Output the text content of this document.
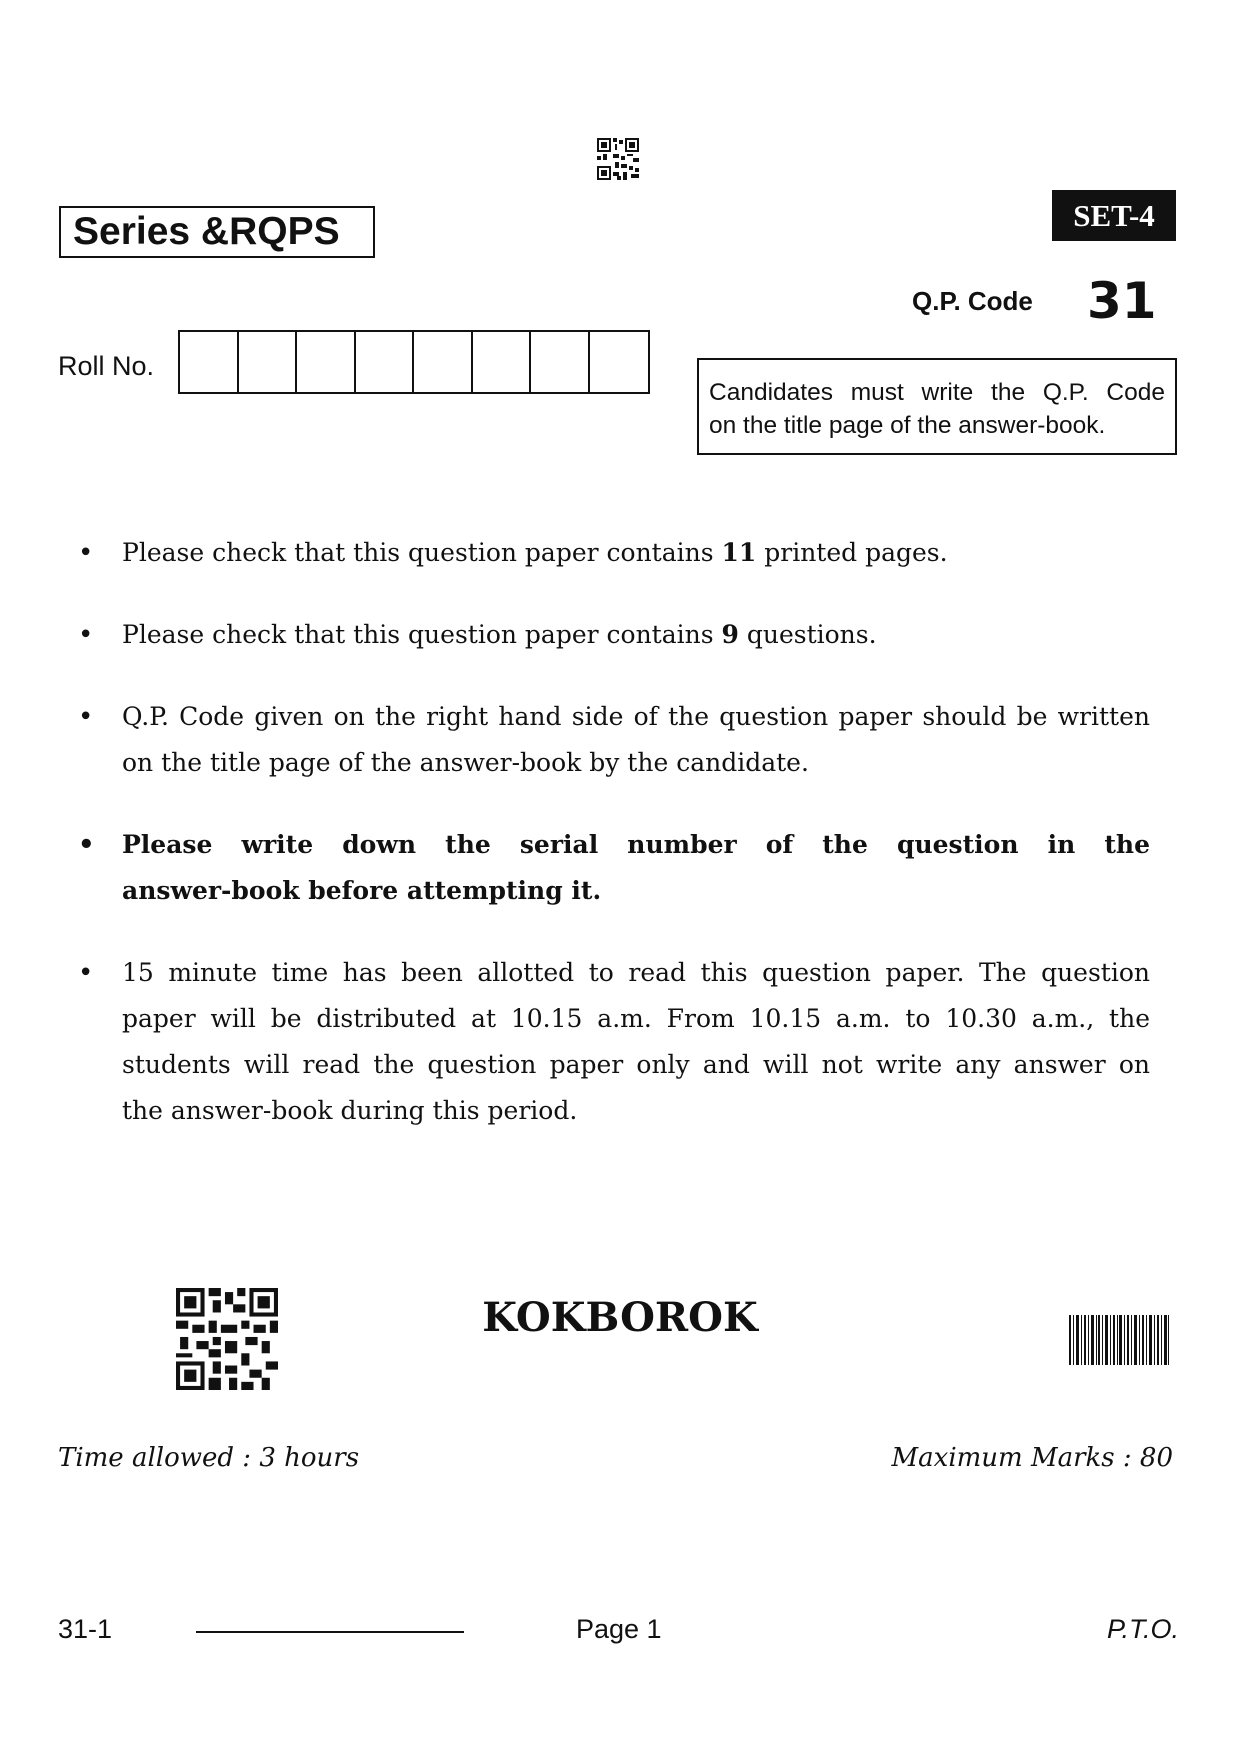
Series &RQPS	SET-4
Q.P. Code 31
Roll No.
Candidates must write the Q.P. Code
on the title page of the answer-book.
• Please check that this question paper contains 11 printed pages.
• Please check that this question paper contains 9 questions.
• Q.P. Code given on the right hand side of the question paper should be written
on the title page of the answer-book by the candidate.
• Please write down the serial number of the question in the
answer-book before attempting it.
• 15 minute time has been allotted to read this question paper. The question
paper will be distributed at 10.15 a.m. From 10.15 a.m. to 10.30 a.m., the
students will read the question paper only and will not write any answer on
the answer-book during this period.
KOKBOROK
Time allowed : 3 hours	Maximum Marks : 80
31-1	Page 1	P.T.O.
